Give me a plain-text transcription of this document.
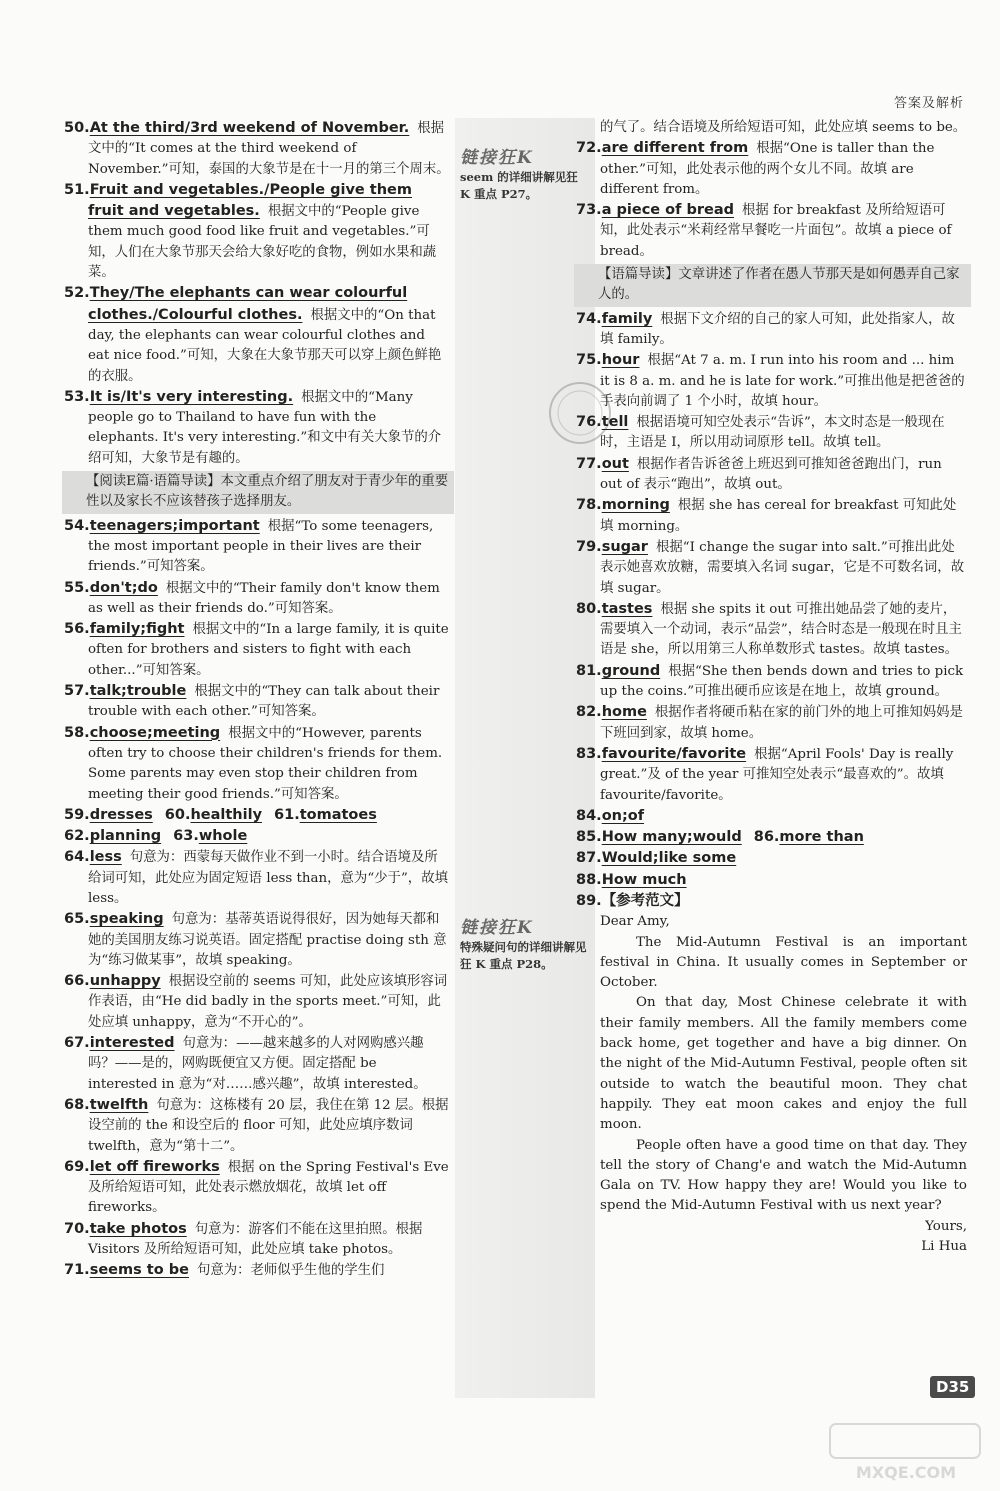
答案及解析
链接狂K
seem 的详细讲解见狂 K 重点 P27。
链接狂K
特殊疑问句的详细讲解见狂 K 重点 P28。

50.At the third/3rd weekend of November. 根据文中的“It comes at the third weekend of November.”可知，泰国的大象节是在十一月的第三个周末。

51.Fruit and vegetables./People give them fruit and vegetables. 根据文中的“People give them much good food like fruit and vegetables.”可知，人们在大象节那天会给大象好吃的食物，例如水果和蔬菜。

52.They/The elephants can wear colourful clothes./Colourful clothes. 根据文中的“On that day, the elephants can wear colourful clothes and eat nice food.”可知，大象在大象节那天可以穿上颜色鲜艳的衣服。

53.It is/It's very interesting. 根据文中的“Many people go to Thailand to have fun with the elephants. It's very interesting.”和文中有关大象节的介绍可知，大象节是有趣的。

【阅读E篇·语篇导读】本文重点介绍了朋友对于青少年的重要性以及家长不应该替孩子选择朋友。

54.teenagers;important 根据“To some teenagers, the most important people in their lives are their friends.”可知答案。

55.don't;do 根据文中的“Their family don't know them as well as their friends do.”可知答案。

56.family;fight 根据文中的“In a large family, it is quite often for brothers and sisters to fight with each other...”可知答案。

57.talk;trouble 根据文中的“They can talk about their trouble with each other.”可知答案。

58.choose;meeting 根据文中的“However, parents often try to choose their children's friends for them. Some parents may even stop their children from meeting their good friends.”可知答案。

59.dresses 60.healthily 61.tomatoes

62.planning 63.whole

64.less 句意为：西蒙每天做作业不到一小时。结合语境及所给词可知，此处应为固定短语 less than，意为“少于”，故填 less。

65.speaking 句意为：基蒂英语说得很好，因为她每天都和她的美国朋友练习说英语。固定搭配 practise doing sth 意为“练习做某事”，故填 speaking。

66.unhappy 根据设空前的 seems 可知，此处应该填形容词作表语，由“He did badly in the sports meet.”可知，此处应填 unhappy，意为“不开心的”。

67.interested 句意为：——越来越多的人对网购感兴趣吗？——是的，网购既便宜又方便。固定搭配 be interested in 意为“对……感兴趣”，故填 interested。

68.twelfth 句意为：这栋楼有 20 层，我住在第 12 层。根据设空前的 the 和设空后的 floor 可知，此处应填序数词 twelfth，意为“第十二”。

69.let off fireworks 根据 on the Spring Festival's Eve 及所给短语可知，此处表示燃放烟花，故填 let off fireworks。

70.take photos 句意为：游客们不能在这里拍照。根据 Visitors 及所给短语可知，此处应填 take photos。

71.seems to be 句意为：老师似乎生他的学生们

的气了。结合语境及所给短语可知，此处应填 seems to be。

72.are different from 根据“One is taller than the other.”可知，此处表示他的两个女儿不同。故填 are different from。

73.a piece of bread 根据 for breakfast 及所给短语可知，此处表示“米莉经常早餐吃一片面包”。故填 a piece of bread。

【语篇导读】文章讲述了作者在愚人节那天是如何愚弄自己家人的。

74.family 根据下文介绍的自己的家人可知，此处指家人，故填 family。

75.hour 根据“At 7 a. m. I run into his room and ... him it is 8 a. m. and he is late for work.”可推出他是把爸爸的手表向前调了 1 个小时，故填 hour。

76.tell 根据语境可知空处表示“告诉”，本文时态是一般现在时，主语是 I，所以用动词原形 tell。故填 tell。

77.out 根据作者告诉爸爸上班迟到可推知爸爸跑出门，run out of 表示“跑出”，故填 out。

78.morning 根据 she has cereal for breakfast 可知此处填 morning。

79.sugar 根据“I change the sugar into salt.”可推出此处表示她喜欢放糖，需要填入名词 sugar，它是不可数名词，故填 sugar。

80.tastes 根据 she spits it out 可推出她品尝了她的麦片，需要填入一个动词，表示“品尝”，结合时态是一般现在时且主语是 she，所以用第三人称单数形式 tastes。故填 tastes。

81.ground 根据“She then bends down and tries to pick up the coins.”可推出硬币应该是在地上，故填 ground。

82.home 根据作者将硬币粘在家的前门外的地上可推知妈妈是下班回到家，故填 home。

83.favourite/favorite 根据“April Fools' Day is really great.”及 of the year 可推知空处表示“最喜欢的”。故填 favourite/favorite。

84.on;of

85.How many;would 86.more than

87.Would;like some

88.How much

89.【参考范文】

Dear Amy,

The Mid-Autumn Festival is an important festival in China. It usually comes in September or October.

On that day, Most Chinese celebrate it with their family members. All the family members come back home, get together and have a big dinner. On the night of the Mid-Autumn Festival, people often sit outside to watch the beautiful moon. They chat happily. They eat moon cakes and enjoy the full moon.

People often have a good time on that day. They tell the story of Chang'e and watch the Mid-Autumn Gala on TV. How happy they are! Would you like to spend the Mid-Autumn Festival with us next year?

Yours,

Li Hua

D35
MXQE.COM
